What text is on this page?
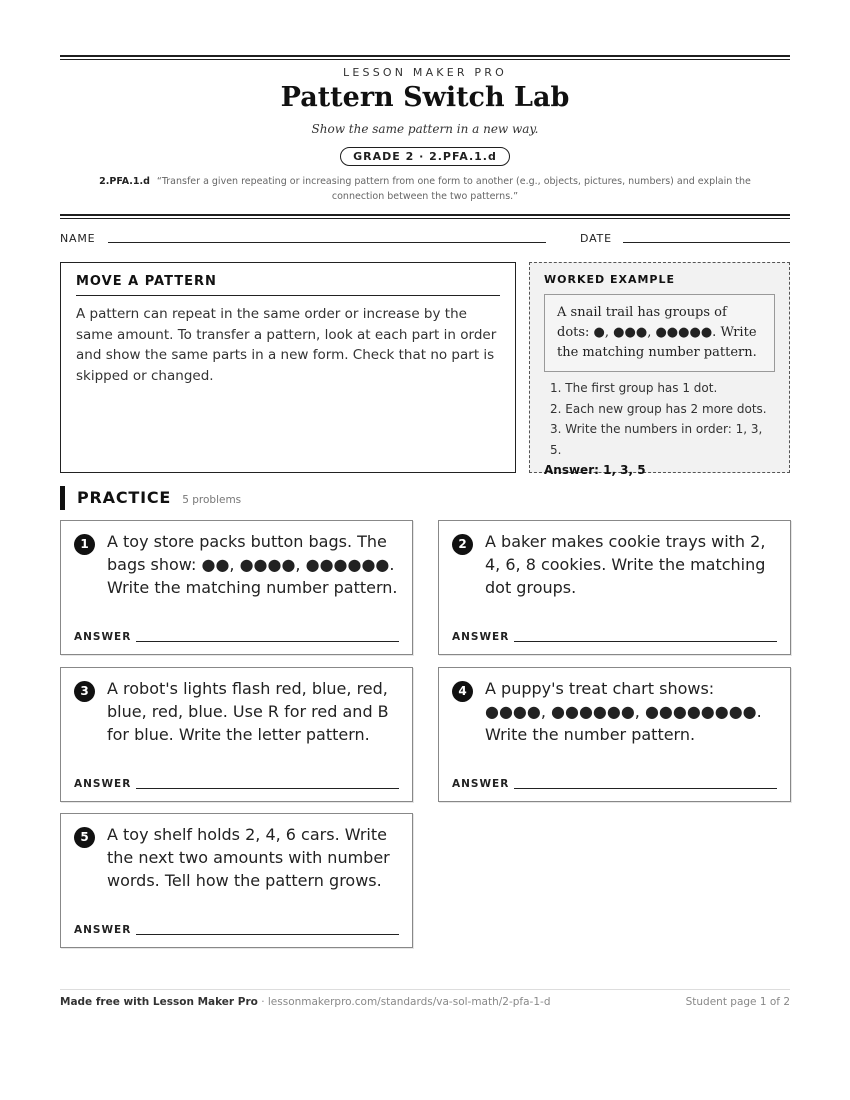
LESSON MAKER PRO
Pattern Switch Lab
Show the same pattern in a new way.
GRADE 2 · 2.PFA.1.d
2.PFA.1.d “Transfer a given repeating or increasing pattern from one form to another (e.g., objects, pictures, numbers) and explain the connection between the two patterns.”
NAME	DATE
MOVE A PATTERN
A pattern can repeat in the same order or increase by the same amount. To transfer a pattern, look at each part in order and show the same parts in a new form. Check that no part is skipped or changed.
WORKED EXAMPLE
A snail trail has groups of dots: ●, ●●●, ●●●●●. Write the matching number pattern.
1. The first group has 1 dot.
2. Each new group has 2 more dots.
3. Write the numbers in order: 1, 3, 5.
Answer: 1, 3, 5
PRACTICE 5 problems
1	A toy store packs button bags. The bags show: ●●, ●●●●, ●●●●●●. Write the matching number pattern.
ANSWER
2	A baker makes cookie trays with 2, 4, 6, 8 cookies. Write the matching dot groups.
ANSWER
3	A robot's lights flash red, blue, red, blue, red, blue. Use R for red and B for blue. Write the letter pattern.
ANSWER
4	A puppy's treat chart shows: ●●●●, ●●●●●●, ●●●●●●●●. Write the number pattern.
ANSWER
5	A toy shelf holds 2, 4, 6 cars. Write the next two amounts with number words. Tell how the pattern grows.
ANSWER
Made free with Lesson Maker Pro · lessonmakerpro.com/standards/va-sol-math/2-pfa-1-d	Student page 1 of 2
